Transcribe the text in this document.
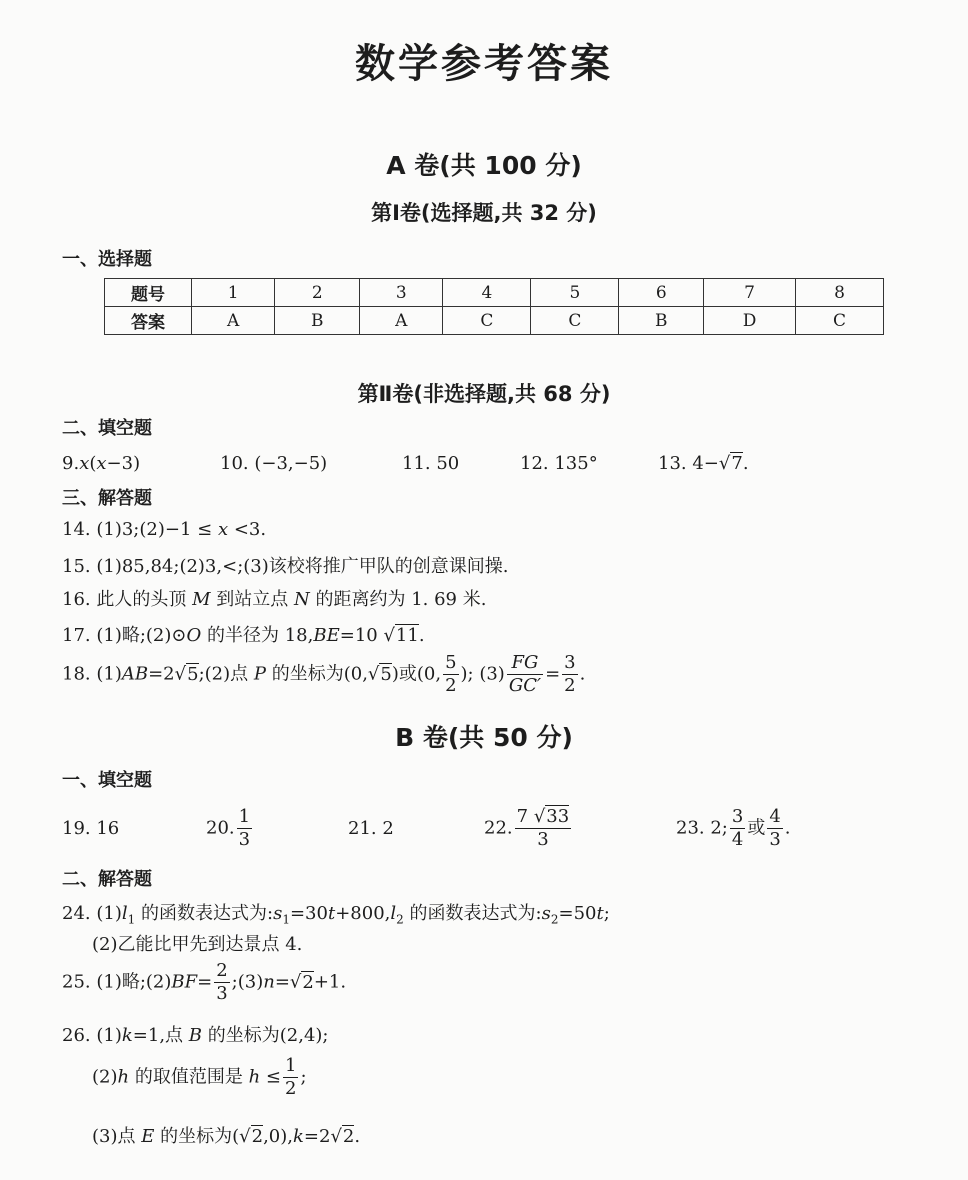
数学参考答案
A 卷(共 100 分)
第Ⅰ卷(选择题,共 32 分)
一、选择题
题号	1	2	3	4	5	6	7	8
答案	A	B	A	C	C	B	D	C
第Ⅱ卷(非选择题,共 68 分)
二、填空题
9.x(x−3)	10. (−3,−5)	11. 50	12. 135°	13. 4−√7.
三、解答题
14. (1)3;(2)−1 ≤ x <3.
15. (1)85,84;(2)3,<;(3)该校将推广甲队的创意课间操.
16. 此人的头顶 M 到站立点 N 的距离约为 1. 69 米.
17. (1)略;(2)⊙O 的半径为 18,BE=10 √11.
18. (1)AB=2√5;(2)点 P 的坐标为(0,√5)或(0, $\frac{5}{2}$ ); $(3) \frac{FG}{GC'} = \frac{3}{2}$ .
B 卷(共 50 分)
一、填空题
19. 16	20. $\frac{1}{3}$	21. 2	22. $\frac{7 √33}{3}$	23. 2; $\frac{3}{4}$ 或 $\frac{4}{3}$ .
二、解答题
24. $(1)l_1$ 的函数表达式为$:s_1=30t+800,l_2$ 的函数表达式为$:s_2=50t$;
(2)乙能比甲先到达景点 4.
25. (1)略;(2)BF= $\frac{2}{3}$ ;(3)n=√2+1.
26. (1)k=1,点 B 的坐标为(2,4);
(2)h 的取值范围是 $h \le \frac{1}{2}$ ;
(3)点 E 的坐标为(√2,0),k=2√2.
